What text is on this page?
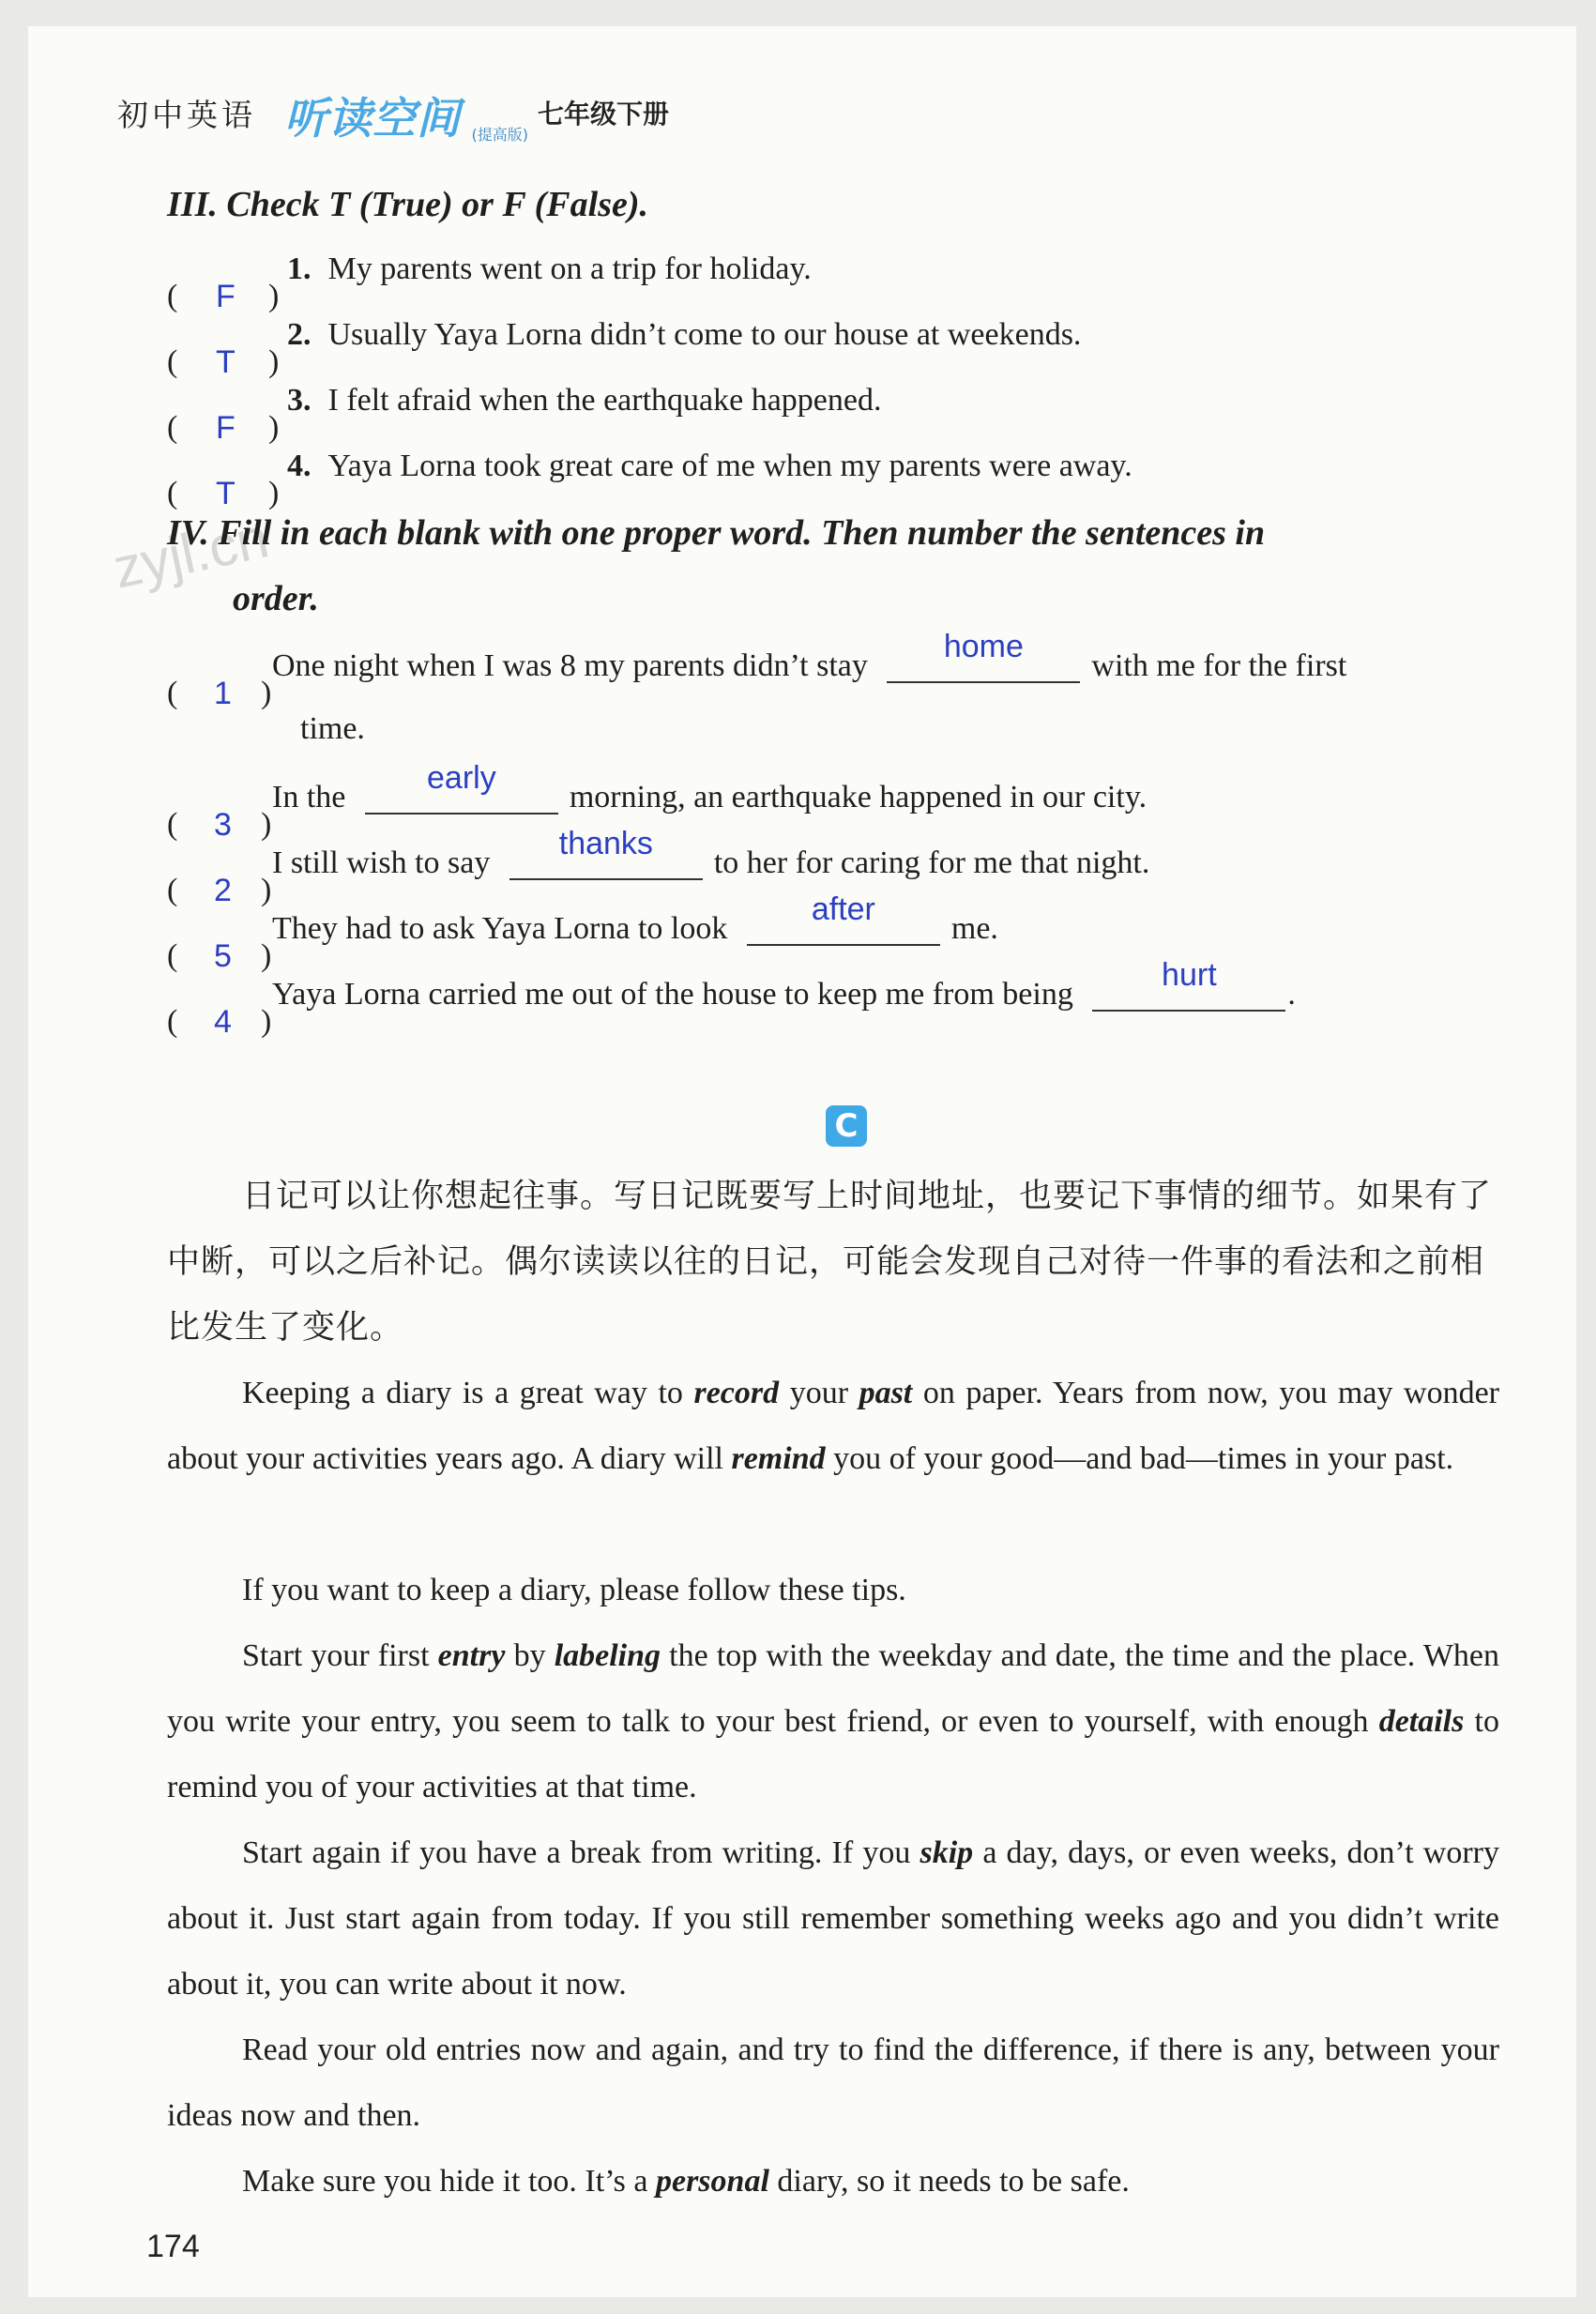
初中英语 听读空间 (提高版)
七年级下册
zyjl.cn
III. Check T (True) or F (False).
( F )
1. My parents went on a trip for holiday.
( T )
2. Usually Yaya Lorna didn’t come to our house at weekends.
( F )
3. I felt afraid when the earthquake happened.
( T )
4. Yaya Lorna took great care of me when my parents were away.
IV. Fill in each blank with one proper word. Then number the sentences in
order.
( 1 )
One night when I was 8 my parents didn’t stay
home
with me for the first
time.
( 3 )
In the
early
morning, an earthquake happened in our city.
( 2 )
I still wish to say
thanks
to her for caring for me that night.
( 5 )
They had to ask Yaya Lorna to look
after
me.
( 4 )
Yaya Lorna carried me out of the house to keep me from being
hurt
.
C
日记可以让你想起往事。写日记既要写上时间地址，也要记下事情的细节。如果有了中断，可以之后补记。偶尔读读以往的日记，可能会发现自己对待一件事的看法和之前相比发生了变化。
Keeping a diary is a great way to record your past on paper. Years from now, you may wonder about your activities years ago. A diary will remind you of your good—and bad—times in your past.
If you want to keep a diary, please follow these tips.
Start your first entry by labeling the top with the weekday and date, the time and the place. When you write your entry, you seem to talk to your best friend, or even to yourself, with enough details to remind you of your activities at that time.
Start again if you have a break from writing. If you skip a day, days, or even weeks, don’t worry about it. Just start again from today. If you still remember something weeks ago and you didn’t write about it, you can write about it now.
Read your old entries now and again, and try to find the difference, if there is any, between your ideas now and then.
Make sure you hide it too. It’s a personal diary, so it needs to be safe.
174
